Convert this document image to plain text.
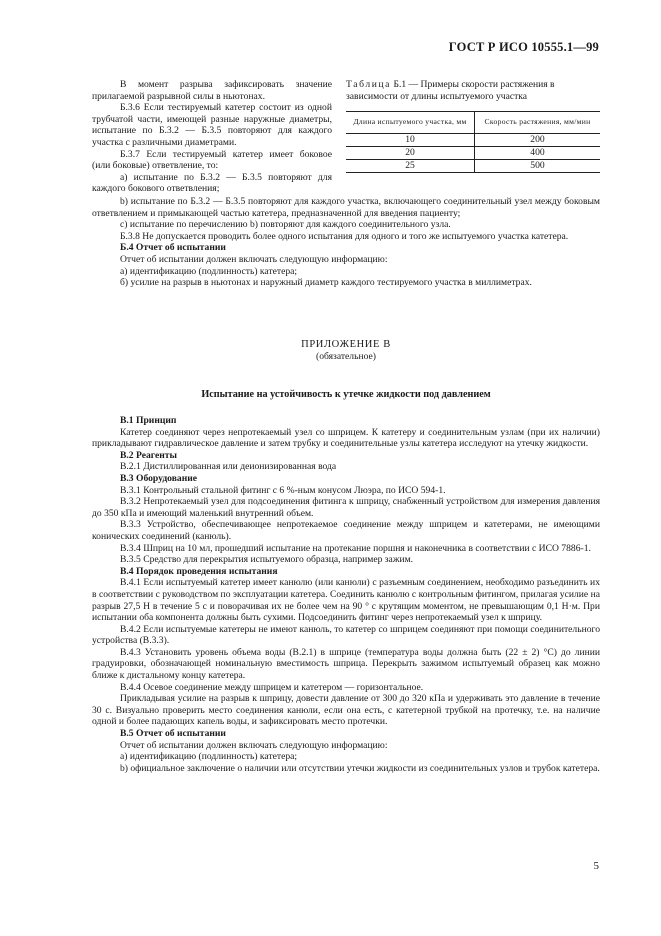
ГОСТ Р ИСО 10555.1—99

В момент разрыва зафиксировать значение прилагаемой разрывной силы в ньютонах.

Б.3.6 Если тестируемый катетер состоит из одной трубчатой части, имеющей разные наружные диаметры, испытание по Б.3.2 — Б.3.5 повторяют для каждого участка с различными диаметрами.

Б.3.7 Если тестируемый катетер имеет боковое (или боковые) ответвление, то:

а) испытание по Б.3.2 — Б.3.5 повторяют для каждого бокового ответвления;

Таблица Б.1 — Примеры скорости растяжения в зависимости от длины испытуемого участка

Длина испытуемого участка, мм	Скорость растяжения, мм/мин
10	200
20	400
25	500

b) испытание по Б.3.2 — Б.3.5 повторяют для каждого участка, включающего соединительный узел между боковым ответвлением и примыкающей частью катетера, предназначенной для введения пациенту;

c) испытание по перечислению b) повторяют для каждого соединительного узла.

Б.3.8 Не допускается проводить более одного испытания для одного и того же испытуемого участка катетера.

Б.4 Отчет об испытании

Отчет об испытании должен включать следующую информацию:

а) идентификацию (подлинность) катетера;

б) усилие на разрыв в ньютонах и наружный диаметр каждого тестируемого участка в миллиметрах.

ПРИЛОЖЕНИЕ В
(обязательное)
Испытание на устойчивость к утечке жидкости под давлением

В.1 Принцип

Катетер соединяют через непротекаемый узел со шприцем. К катетеру и соединительным узлам (при их наличии) прикладывают гидравлическое давление и затем трубку и соединительные узлы катетера исследуют на утечку жидкости.

В.2 Реагенты

В.2.1 Дистиллированная или деионизированная вода

В.3 Оборудование

В.3.1 Контрольный стальной фитинг с 6 %-ным конусом Люэра, по ИСО 594-1.

В.3.2 Непротекаемый узел для подсоединения фитинга к шприцу, снабженный устройством для измерения давления до 350 кПа и имеющий маленький внутренний объем.

В.3.3 Устройство, обеспечивающее непротекаемое соединение между шприцем и катетерами, не имеющими конических соединений (канюль).

В.3.4 Шприц на 10 мл, прошедший испытание на протекание поршня и наконечника в соответствии с ИСО 7886-1.

В.3.5 Средство для перекрытия испытуемого образца, например зажим.

В.4 Порядок проведения испытания

В.4.1 Если испытуемый катетер имеет канюлю (или канюли) с разъемным соединением, необходимо разъединить их в соответствии с руководством по эксплуатации катетера. Соединить канюлю с контрольным фитингом, прилагая усилие на разрыв 27,5 Н в течение 5 с и поворачивая их не более чем на 90 ° с крутящим моментом, не превышающим 0,1 Н·м. При испытании оба компонента должны быть сухими. Подсоединить фитинг через непротекаемый узел к шприцу.

В.4.2 Если испытуемые катетеры не имеют канюль, то катетер со шприцем соединяют при помощи соединительного устройства (В.3.3).

В.4.3 Установить уровень объема воды (В.2.1) в шприце (температура воды должна быть (22 ± 2) °С) до линии градуировки, обозначающей номинальную вместимость шприца. Перекрыть зажимом испытуемый образец как можно ближе к дистальному концу катетера.

В.4.4 Осевое соединение между шприцем и катетером — горизонтальное.

Прикладывая усилие на разрыв к шприцу, довести давление от 300 до 320 кПа и удерживать это давление в течение 30 с. Визуально проверить место соединения канюли, если она есть, с катетерной трубкой на протечку, т.е. на наличие одной и более падающих капель воды, и зафиксировать место протечки.

В.5 Отчет об испытании

Отчет об испытании должен включать следующую информацию:

а) идентификацию (подлинность) катетера;

b) официальное заключение о наличии или отсутствии утечки жидкости из соединительных узлов и трубок катетера.

5
